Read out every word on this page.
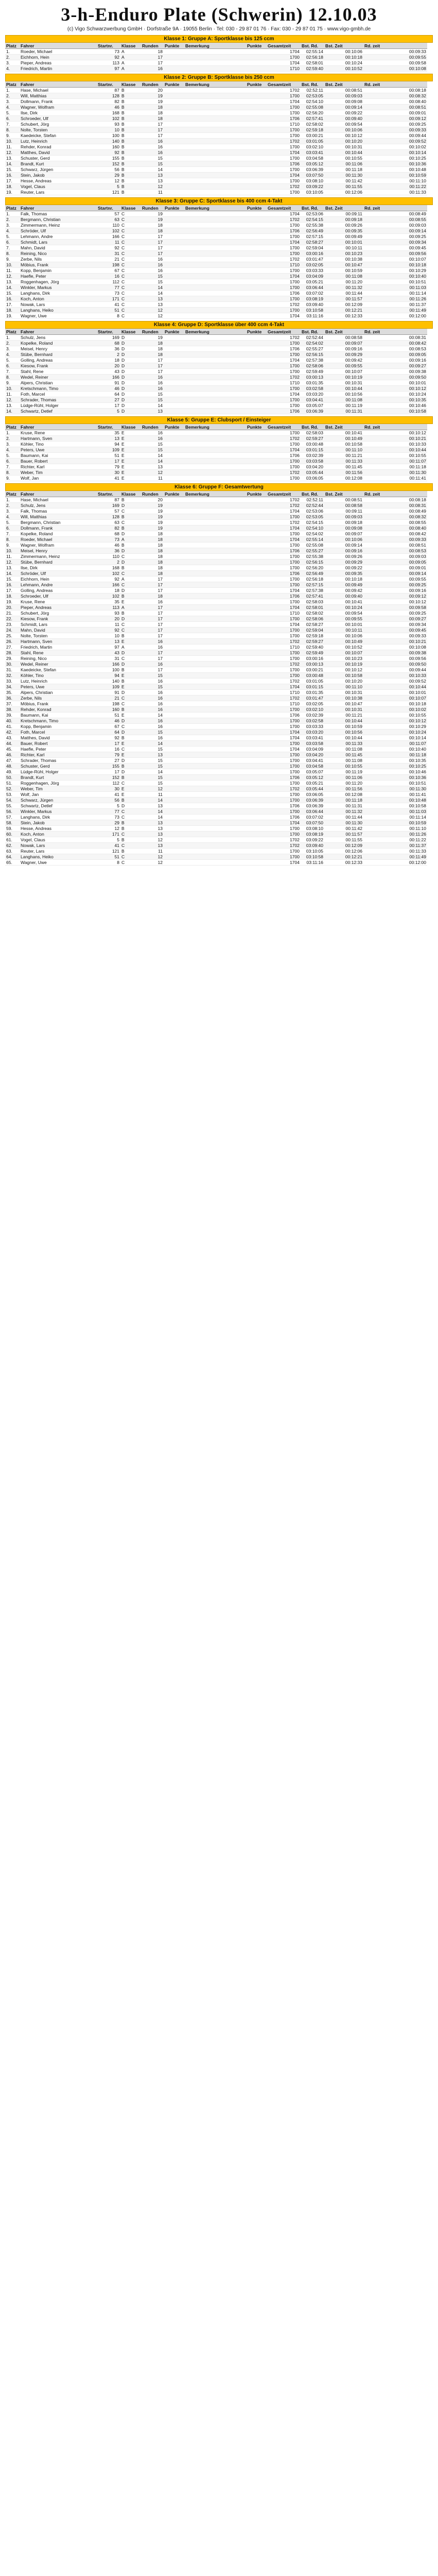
3-h-Enduro Plate (Schwerin) 12.10.03
(c) Vigo Schwarzwerbung GmbH · Dorfstraße 9A · 19055 Berlin · Tel: 030 - 29 87 01 76 · Fax: 030 - 29 87 01 75 · www.vigo-gmbh.de
Klasse 1: Gruppe A: Sportklasse bis 125 ccm
Platz	Fahrer	Startnr.	Klasse	Runden	Punkte	Bemerkung	Punkte	Gesamtzeit	Bst. Rd.	Bst. Zeit	Rd. zeit
1.	Roeder, Michael	73	A	18				1704	02:55:14	00:10:06	00:09:33
2.	Eichhorn, Hein	92	A	17				1700	02:56:18	00:10:18	00:09:55
3.	Pieper, Andreas	113	A	17				1704	02:58:01	00:10:24	00:09:58
4.	Friedrich, Martin	97	A	16				1710	02:59:40	00:10:52	00:10:08
Klasse 2: Gruppe B: Sportklasse bis 250 ccm
Platz	Fahrer	Startnr.	Klasse	Runden	Punkte	Bemerkung	Punkte	Gesamtzeit	Bst. Rd.	Bst. Zeit	Rd. zeit
1.	Hase, Michael	87	B	20				1702	02:52:11	00:08:51	00:08:18
2.	Will, Matthias	128	B	19				1700	02:53:05	00:09:03	00:08:32
3.	Dollmann, Frank	82	B	19				1704	02:54:10	00:09:08	00:08:40
4.	Wagner, Wolfram	46	B	18				1700	02:55:08	00:09:14	00:08:51
5.	Ilse, Dirk	168	B	18				1700	02:56:20	00:09:22	00:09:01
6.	Schroeder, Ulf	102	B	18				1706	02:57:41	00:09:40	00:09:12
7.	Schubert, Jörg	93	B	17				1710	02:58:02	00:09:54	00:09:25
8.	Nolte, Torsten	10	B	17				1700	02:59:18	00:10:06	00:09:33
9.	Kaedeicke, Stefan	100	B	17				1700	03:00:21	00:10:12	00:09:44
10.	Lutz, Heinrich	140	B	16				1702	03:01:05	00:10:20	00:09:52
11.	Rehder, Konrad	160	B	16				1700	03:02:10	00:10:31	00:10:02
12.	Matthes, David	92	B	16				1704	03:03:41	00:10:44	00:10:14
13.	Schuster, Gerd	155	B	15				1700	03:04:58	00:10:55	00:10:25
14.	Brandt, Kurt	152	B	15				1706	03:05:12	00:11:06	00:10:36
15.	Schwarz, Jürgen	56	B	14				1700	03:06:39	00:11:18	00:10:48
16.	Stein, Jakob	29	B	13				1704	03:07:50	00:11:30	00:10:59
17.	Hesse, Andreas	12	B	13				1700	03:08:10	00:11:42	00:11:10
18.	Vogel, Claus	5	B	12				1702	03:09:22	00:11:55	00:11:22
19.	Reuter, Lars	121	B	11				1700	03:10:05	00:12:06	00:11:33
Klasse 3: Gruppe C: Sportklasse bis 400 ccm 4-Takt
Platz	Fahrer	Startnr.	Klasse	Runden	Punkte	Bemerkung	Punkte	Gesamtzeit	Bst. Rd.	Bst. Zeit	Rd. zeit
1.	Falk, Thomas	57	C	19				1704	02:53:06	00:09:11	00:08:49
2.	Bergmann, Christian	63	C	19				1702	02:54:15	00:09:18	00:08:55
3.	Zimmermann, Heinz	110	C	18				1700	02:55:38	00:09:26	00:09:03
4.	Schröder, Ulf	102	C	18				1706	02:56:49	00:09:35	00:09:14
5.	Lehmann, Andre	166	C	17				1700	02:57:15	00:09:49	00:09:25
6.	Schmidt, Lars	11	C	17				1704	02:58:27	00:10:01	00:09:34
7.	Mahn, David	92	C	17				1700	02:59:04	00:10:11	00:09:45
8.	Reining, Nico	31	C	17				1700	03:00:16	00:10:23	00:09:56
9.	Zerbe, Nils	21	C	16				1702	03:01:47	00:10:38	00:10:07
10.	Möbius, Frank	198	C	16				1710	03:02:05	00:10:47	00:10:18
11.	Kopp, Benjamin	67	C	16				1700	03:03:33	00:10:59	00:10:29
12.	Haefle, Peter	16	C	15				1704	03:04:09	00:11:08	00:10:40
13.	Roggenhagen, Jörg	112	C	15				1700	03:05:21	00:11:20	00:10:51
14.	Winkler, Markus	77	C	14				1700	03:06:44	00:11:32	00:11:03
15.	Langhans, Dirk	73	C	14				1706	03:07:02	00:11:44	00:11:14
16.	Koch, Anton	171	C	13				1700	03:08:19	00:11:57	00:11:26
17.	Nowak, Lars	41	C	13				1702	03:09:40	00:12:09	00:11:37
18.	Langhans, Heiko	51	C	12				1700	03:10:58	00:12:21	00:11:49
19.	Wagner, Uwe	8	C	12				1704	03:11:16	00:12:33	00:12:00
Klasse 4: Gruppe D: Sportklasse über 400 ccm 4-Takt
Platz	Fahrer	Startnr.	Klasse	Runden	Punkte	Bemerkung	Punkte	Gesamtzeit	Bst. Rd.	Bst. Zeit	Rd. zeit
1.	Schulz, Jens	169	D	19				1702	02:52:44	00:08:58	00:08:31
2.	Kopelke, Roland	68	D	18				1700	02:54:02	00:09:07	00:08:42
3.	Meisel, Henry	36	D	18				1706	02:55:27	00:09:16	00:08:53
4.	Stübe, Bernhard	2	D	18				1700	02:56:15	00:09:29	00:09:05
5.	Golling, Andreas	18	D	17				1704	02:57:38	00:09:42	00:09:16
6.	Kiesow, Frank	20	D	17				1700	02:58:06	00:09:55	00:09:27
7.	Stahl, Rene	43	D	17				1700	02:59:49	00:10:07	00:09:38
8.	Wedel, Reiner	166	D	16				1702	03:00:13	00:10:19	00:09:50
9.	Alpers, Christian	91	D	16				1710	03:01:35	00:10:31	00:10:01
10.	Kretschmann, Timo	46	D	16				1700	03:02:58	00:10:44	00:10:12
11.	Foth, Marcel	64	D	15				1704	03:03:20	00:10:56	00:10:24
12.	Schrader, Thomas	27	D	15				1700	03:04:41	00:11:08	00:10:35
13.	Lüdge-Rühl, Holger	17	D	14				1700	03:05:07	00:11:19	00:10:46
14.	Schwartz, Detlef	5	D	13				1706	03:06:39	00:11:31	00:10:58
Klasse 5: Gruppe E: Clubsport / Einsteiger
Platz	Fahrer	Startnr.	Klasse	Runden	Punkte	Bemerkung	Punkte	Gesamtzeit	Bst. Rd.	Bst. Zeit	Rd. zeit
1.	Kruse, Rene	35	E	16				1700	02:58:03	00:10:41	00:10:12
2.	Hartmann, Sven	13	E	16				1702	02:59:27	00:10:49	00:10:21
3.	Köhler, Tino	94	E	15				1700	03:00:48	00:10:58	00:10:33
4.	Peters, Uwe	109	E	15				1704	03:01:15	00:11:10	00:10:44
5.	Baumann, Kai	51	E	14				1706	03:02:39	00:11:21	00:10:55
6.	Bauer, Robert	17	E	14				1700	03:03:58	00:11:33	00:11:07
7.	Richter, Karl	79	E	13				1700	03:04:20	00:11:45	00:11:18
8.	Weber, Tim	30	E	12				1702	03:05:44	00:11:56	00:11:30
9.	Wolf, Jan	41	E	11				1700	03:06:05	00:12:08	00:11:41
Klasse 6: Gruppe F: Gesamtwertung
Platz	Fahrer	Startnr.	Klasse	Runden	Punkte	Bemerkung	Punkte	Gesamtzeit	Bst. Rd.	Bst. Zeit	Rd. zeit
1.	Hase, Michael	87	B	20				1702	02:52:11	00:08:51	00:08:18
2.	Schulz, Jens	169	D	19				1702	02:52:44	00:08:58	00:08:31
3.	Falk, Thomas	57	C	19				1704	02:53:06	00:09:11	00:08:49
4.	Will, Matthias	128	B	19				1700	02:53:05	00:09:03	00:08:32
5.	Bergmann, Christian	63	C	19				1702	02:54:15	00:09:18	00:08:55
6.	Dollmann, Frank	82	B	19				1704	02:54:10	00:09:08	00:08:40
7.	Kopelke, Roland	68	D	18				1700	02:54:02	00:09:07	00:08:42
8.	Roeder, Michael	73	A	18				1704	02:55:14	00:10:06	00:09:33
9.	Wagner, Wolfram	46	B	18				1700	02:55:08	00:09:14	00:08:51
10.	Meisel, Henry	36	D	18				1706	02:55:27	00:09:16	00:08:53
11.	Zimmermann, Heinz	110	C	18				1700	02:55:38	00:09:26	00:09:03
12.	Stübe, Bernhard	2	D	18				1700	02:56:15	00:09:29	00:09:05
13.	Ilse, Dirk	168	B	18				1700	02:56:20	00:09:22	00:09:01
14.	Schröder, Ulf	102	C	18				1706	02:56:49	00:09:35	00:09:14
15.	Eichhorn, Hein	92	A	17				1700	02:56:18	00:10:18	00:09:55
16.	Lehmann, Andre	166	C	17				1700	02:57:15	00:09:49	00:09:25
17.	Golling, Andreas	18	D	17				1704	02:57:38	00:09:42	00:09:16
18.	Schroeder, Ulf	102	B	18				1706	02:57:41	00:09:40	00:09:12
19.	Kruse, Rene	35	E	16				1700	02:58:03	00:10:41	00:10:12
20.	Pieper, Andreas	113	A	17				1704	02:58:01	00:10:24	00:09:58
21.	Schubert, Jörg	93	B	17				1710	02:58:02	00:09:54	00:09:25
22.	Kiesow, Frank	20	D	17				1700	02:58:06	00:09:55	00:09:27
23.	Schmidt, Lars	11	C	17				1704	02:58:27	00:10:01	00:09:34
24.	Mahn, David	92	C	17				1700	02:59:04	00:10:11	00:09:45
25.	Nolte, Torsten	10	B	17				1700	02:59:18	00:10:06	00:09:33
26.	Hartmann, Sven	13	E	16				1702	02:59:27	00:10:49	00:10:21
27.	Friedrich, Martin	97	A	16				1710	02:59:40	00:10:52	00:10:08
28.	Stahl, Rene	43	D	17				1700	02:59:49	00:10:07	00:09:38
29.	Reining, Nico	31	C	17				1700	03:00:16	00:10:23	00:09:56
30.	Wedel, Reiner	166	D	16				1702	03:00:13	00:10:19	00:09:50
31.	Kaedeicke, Stefan	100	B	17				1700	03:00:21	00:10:12	00:09:44
32.	Köhler, Tino	94	E	15				1700	03:00:48	00:10:58	00:10:33
33.	Lutz, Heinrich	140	B	16				1702	03:01:05	00:10:20	00:09:52
34.	Peters, Uwe	109	E	15				1704	03:01:15	00:11:10	00:10:44
35.	Alpers, Christian	91	D	16				1710	03:01:35	00:10:31	00:10:01
36.	Zerbe, Nils	21	C	16				1702	03:01:47	00:10:38	00:10:07
37.	Möbius, Frank	198	C	16				1710	03:02:05	00:10:47	00:10:18
38.	Rehder, Konrad	160	B	16				1700	03:02:10	00:10:31	00:10:02
39.	Baumann, Kai	51	E	14				1706	03:02:39	00:11:21	00:10:55
40.	Kretschmann, Timo	46	D	16				1700	03:02:58	00:10:44	00:10:12
41.	Kopp, Benjamin	67	C	16				1700	03:03:33	00:10:59	00:10:29
42.	Foth, Marcel	64	D	15				1704	03:03:20	00:10:56	00:10:24
43.	Matthes, David	92	B	16				1704	03:03:41	00:10:44	00:10:14
44.	Bauer, Robert	17	E	14				1700	03:03:58	00:11:33	00:11:07
45.	Haefle, Peter	16	C	15				1704	03:04:09	00:11:08	00:10:40
46.	Richter, Karl	79	E	13				1700	03:04:20	00:11:45	00:11:18
47.	Schrader, Thomas	27	D	15				1700	03:04:41	00:11:08	00:10:35
48.	Schuster, Gerd	155	B	15				1700	03:04:58	00:10:55	00:10:25
49.	Lüdge-Rühl, Holger	17	D	14				1700	03:05:07	00:11:19	00:10:46
50.	Brandt, Kurt	152	B	15				1706	03:05:12	00:11:06	00:10:36
51.	Roggenhagen, Jörg	112	C	15				1700	03:05:21	00:11:20	00:10:51
52.	Weber, Tim	30	E	12				1702	03:05:44	00:11:56	00:11:30
53.	Wolf, Jan	41	E	11				1700	03:06:05	00:12:08	00:11:41
54.	Schwarz, Jürgen	56	B	14				1700	03:06:39	00:11:18	00:10:48
55.	Schwartz, Detlef	5	D	13				1706	03:06:39	00:11:31	00:10:58
56.	Winkler, Markus	77	C	14				1700	03:06:44	00:11:32	00:11:03
57.	Langhans, Dirk	73	C	14				1706	03:07:02	00:11:44	00:11:14
58.	Stein, Jakob	29	B	13				1704	03:07:50	00:11:30	00:10:59
59.	Hesse, Andreas	12	B	13				1700	03:08:10	00:11:42	00:11:10
60.	Koch, Anton	171	C	13				1700	03:08:19	00:11:57	00:11:26
61.	Vogel, Claus	5	B	12				1702	03:09:22	00:11:55	00:11:22
62.	Nowak, Lars	41	C	13				1702	03:09:40	00:12:09	00:11:37
63.	Reuter, Lars	121	B	11				1700	03:10:05	00:12:06	00:11:33
64.	Langhans, Heiko	51	C	12				1700	03:10:58	00:12:21	00:11:49
65.	Wagner, Uwe	8	C	12				1704	03:11:16	00:12:33	00:12:00
